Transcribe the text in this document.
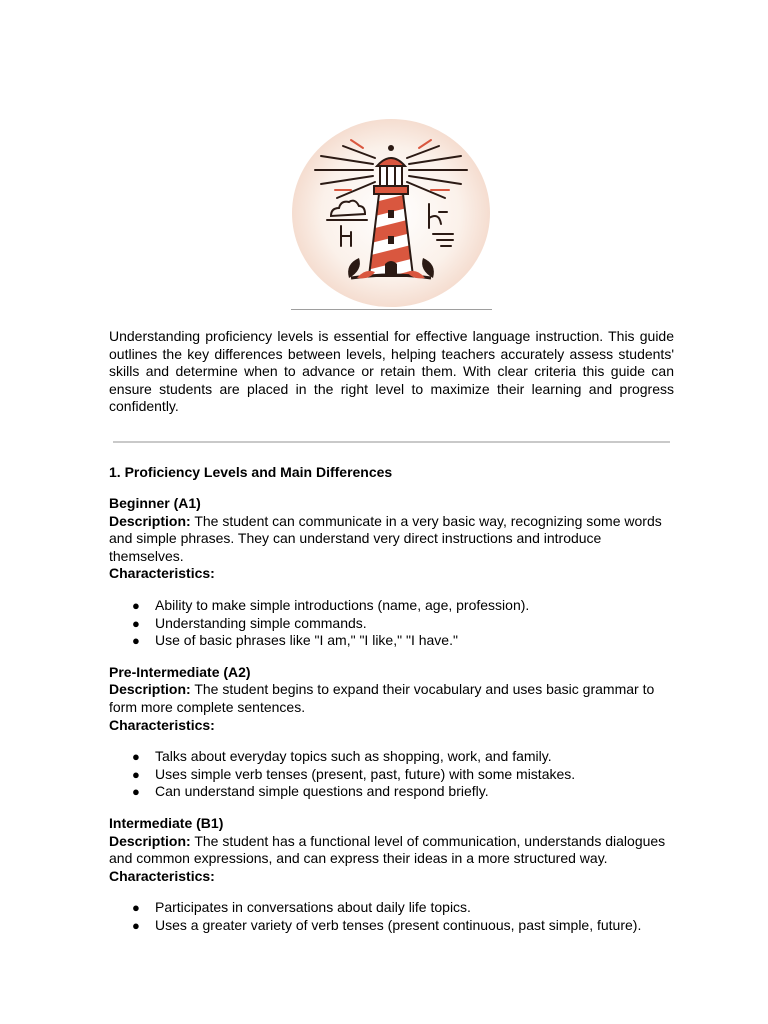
Understanding proficiency levels is essential for effective language instruction. This guide outlines the key differences between levels, helping teachers accurately assess students' skills and determine when to advance or retain them. With clear criteria this guide can ensure students are placed in the right level to maximize their learning and progress confidently.

1. Proficiency Levels and Main Differences

Beginner (A1)

Description: The student can communicate in a very basic way, recognizing some words and simple phrases. They can understand very direct instructions and introduce themselves.

Characteristics:

● Ability to make simple introductions (name, age, profession).
● Understanding simple commands.
● Use of basic phrases like "I am," "I like," "I have."

Pre-Intermediate (A2)

Description: The student begins to expand their vocabulary and uses basic grammar to form more complete sentences.

Characteristics:

● Talks about everyday topics such as shopping, work, and family.
● Uses simple verb tenses (present, past, future) with some mistakes.
● Can understand simple questions and respond briefly.

Intermediate (B1)

Description: The student has a functional level of communication, understands dialogues and common expressions, and can express their ideas in a more structured way.

Characteristics:

● Participates in conversations about daily life topics.
● Uses a greater variety of verb tenses (present continuous, past simple, future).
